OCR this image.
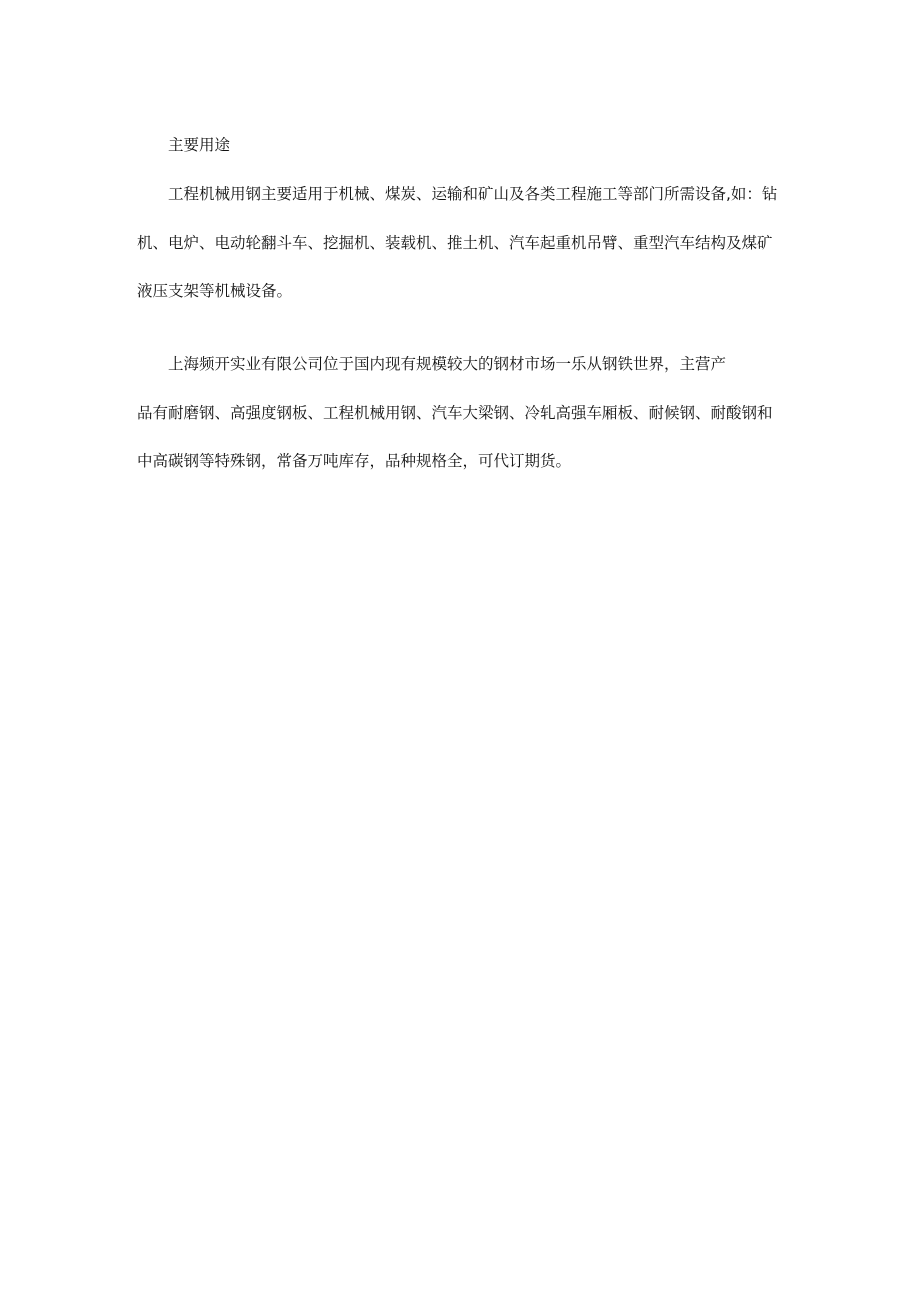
主要用途
工程机械用钢主要适用于机械、煤炭、运输和矿山及各类工程施工等部门所需设备,如：钻
机、电炉、电动轮翻斗车、挖掘机、装载机、推土机、汽车起重机吊臂、重型汽车结构及煤矿
液压支架等机械设备。
上海频开实业有限公司位于国内现有规模较大的钢材市场一乐从钢铁世界，主营产
品有耐磨钢、高强度钢板、工程机械用钢、汽车大梁钢、冷轧高强车厢板、耐候钢、耐酸钢和
中高碳钢等特殊钢，常备万吨库存，品种规格全，可代订期货。
